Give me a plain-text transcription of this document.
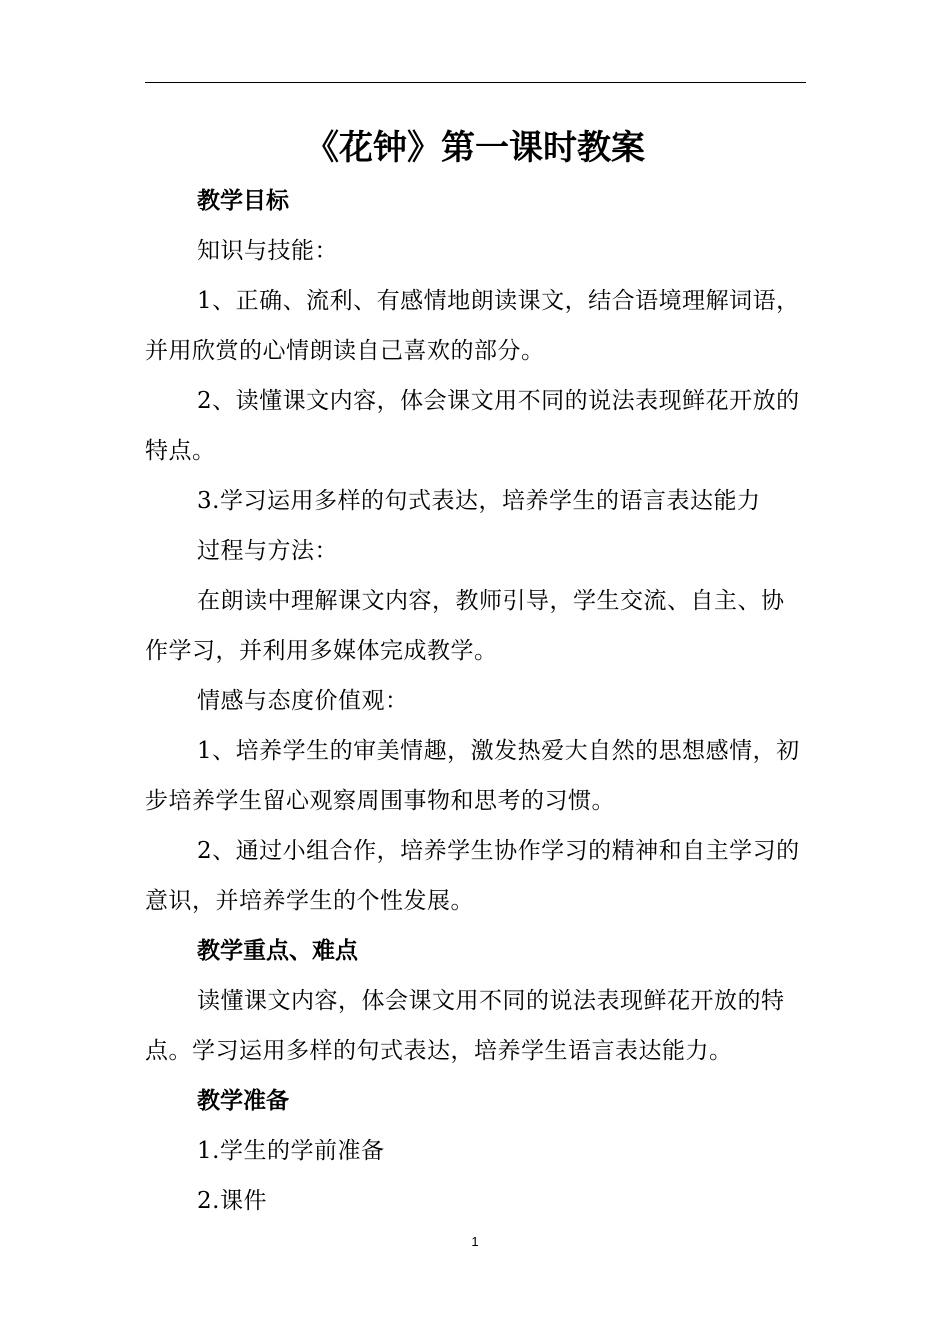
《花钟》第一课时教案

教学目标

知识与技能：

1、正确、流利、有感情地朗读课文，结合语境理解词语，并用欣赏的心情朗读自己喜欢的部分。

2、读懂课文内容，体会课文用不同的说法表现鲜花开放的特点。

3.学习运用多样的句式表达，培养学生的语言表达能力

过程与方法：

在朗读中理解课文内容，教师引导，学生交流、自主、协作学习，并利用多媒体完成教学。

情感与态度价值观：

1、培养学生的审美情趣，激发热爱大自然的思想感情，初步培养学生留心观察周围事物和思考的习惯。

2、通过小组合作，培养学生协作学习的精神和自主学习的意识，并培养学生的个性发展。

教学重点、难点

读懂课文内容，体会课文用不同的说法表现鲜花开放的特点。学习运用多样的句式表达，培养学生语言表达能力。

教学准备

1.学生的学前准备

2.课件

1
